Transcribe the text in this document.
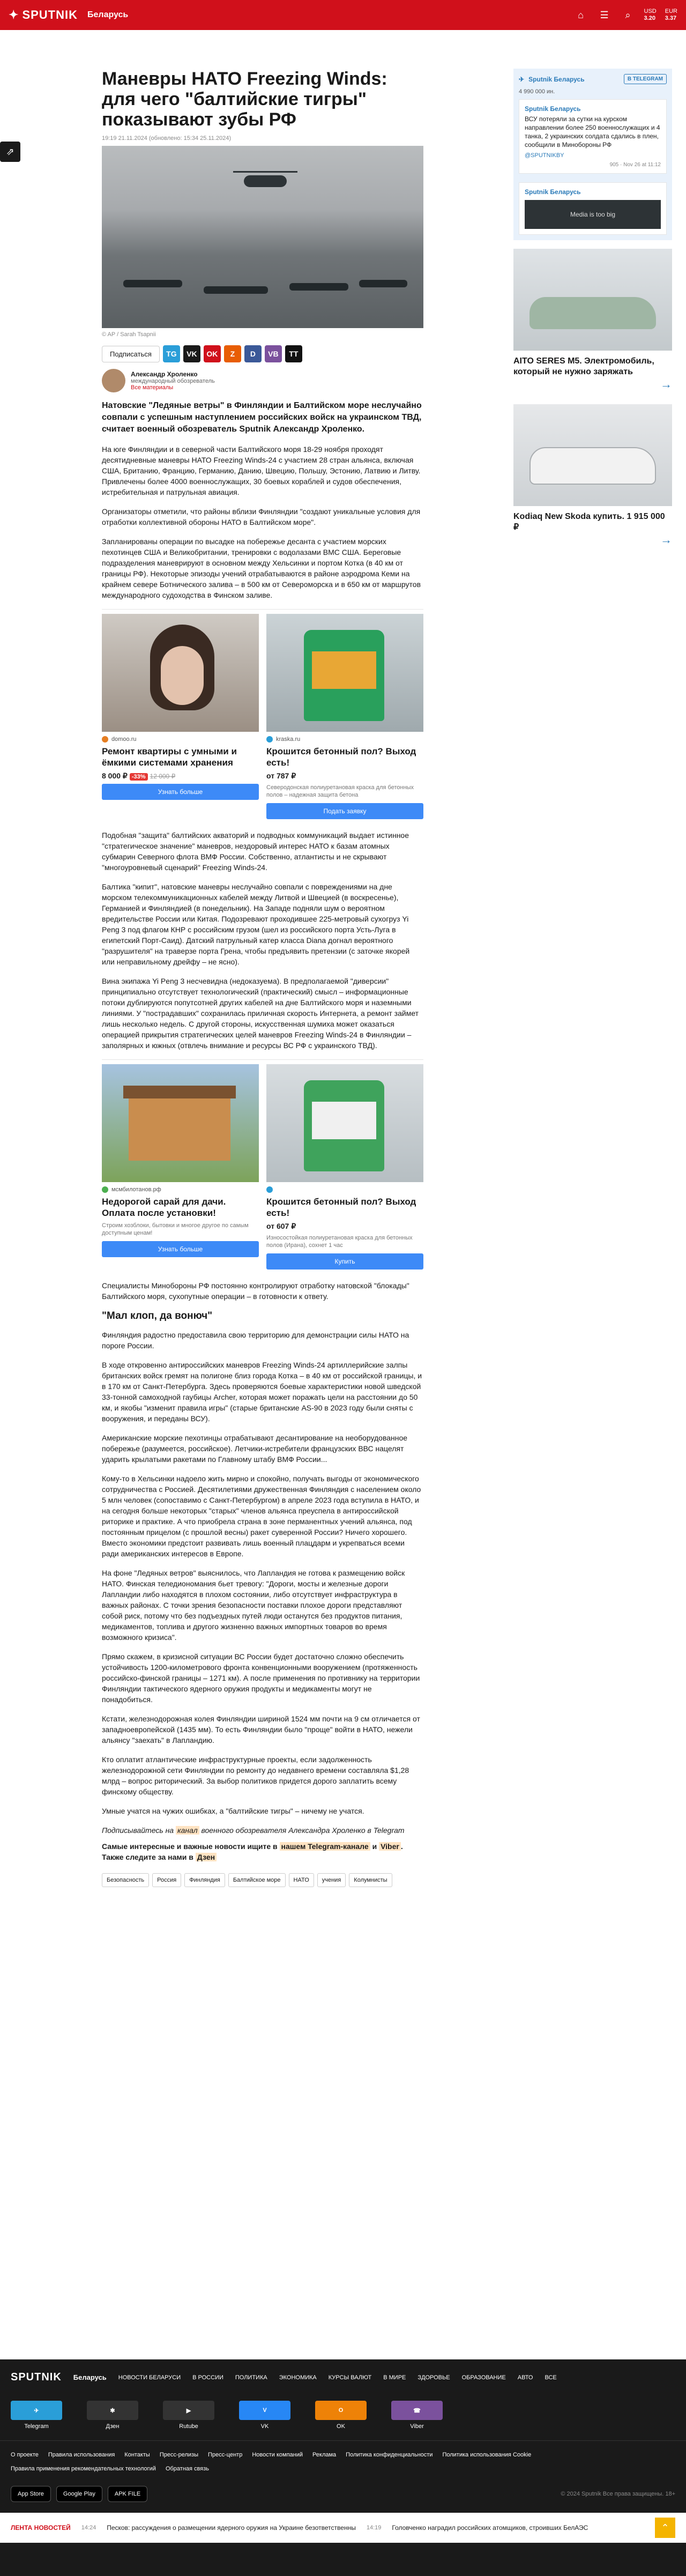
✦ SPUTNIK Беларусь	⌂	☰	⌕	USD
3.20
EUR
3.37
⇗
Маневры НАТО Freezing Winds: для чего "балтийские тигры" показывают зубы РФ
19:19 21.11.2024 (обновлено: 15:34 25.11.2024)
© AP / Sarah Tsapnii
Подписаться	TG	VK	OK	Z	D	VB	TT
Александр Хроленко
международный обозреватель
Все материалы
Натовские "Ледяные ветры" в Финляндии и Балтийском море неслучайно совпали с успешным наступлением российских войск на украинском ТВД, считает военный обозреватель Sputnik Александр Хроленко.

На юге Финляндии и в северной части Балтийского моря 18-29 ноября проходят десятидневные маневры НАТО Freezing Winds-24 с участием 28 стран альянса, включая США, Британию, Францию, Германию, Данию, Швецию, Польшу, Эстонию, Латвию и Литву. Привлечены более 4000 военнослужащих, 30 боевых кораблей и судов обеспечения, истребительная и патрульная авиация.

Организаторы отметили, что районы вблизи Финляндии "создают уникальные условия для отработки коллективной обороны НАТО в Балтийском море".

Запланированы операции по высадке на побережье десанта с участием морских пехотинцев США и Великобритании, тренировки с водолазами ВМС США. Береговые подразделения маневрируют в основном между Хельсинки и портом Котка (в 40 км от границы РФ). Некоторые эпизоды учений отрабатываются в районе аэродрома Кеми на крайнем севере Ботнического залива – в 500 км от Североморска и в 650 км от маршрутов международного судоходства в Финском заливе.

domoo.ru
Ремонт квартиры с умными и ёмкими системами хранения
8 000 ₽ -33% 12 000 ₽
Узнать больше
kraska.ru
Крошится бетонный пол? Выход есть!
от 787 ₽
Северодонская полиуретановая краска для бетонных полов – надежная защита бетона
Подать заявку

Подобная "защита" балтийских акваторий и подводных коммуникаций выдает истинное "стратегическое значение" маневров, нездоровый интерес НАТО к базам атомных субмарин Северного флота ВМФ России. Собственно, атлантисты и не скрывают "многоуровневый сценарий" Freezing Winds-24.

Балтика "кипит", натовские маневры неслучайно совпали с повреждениями на дне морском телекоммуникационных кабелей между Литвой и Швецией (в воскресенье), Германией и Финляндией (в понедельник). На Западе подняли шум о вероятном вредительстве России или Китая. Подозревают проходившее 225-метровый сухогруз Yi Peng 3 под флагом КНР с российским грузом (шел из российского порта Усть-Луга в египетский Порт-Саид). Датский патрульный катер класса Diana догнал вероятного "разрушителя" на траверзе порта Грена, чтобы предъявить претензии (с заточке якорей или неправильному дрейфу – не ясно).

Вина экипажа Yi Peng 3 несчевидна (недоказуема). В предполагаемой "диверсии" принципиально отсутствует технологический (практический) смысл – информационные потоки дублируются попутсотней других кабелей на дне Балтийского моря и наземными линиями. У "пострадавших" сохранилась приличная скорость Интернета, а ремонт займет лишь несколько недель. С другой стороны, искусственная шумиха может оказаться операцией прикрытия стратегических целей маневров Freezing Winds-24 в Финляндии – заполярных и южных (отвлечь внимание и ресурсы ВС РФ с украинского ТВД).

мсмбилотанов.рф
Недорогой сарай для дачи. Оплата после установки!
Строим хозблоки, бытовки и многое другое по самым доступным ценам!
Узнать больше
Крошится бетонный пол? Выход есть!
от 607 ₽
Износостойкая полиуретановая краска для бетонных полов (Ирана), сохнет 1 час
Купить

Специалисты Минобороны РФ постоянно контролируют отработку натовской "блокады" Балтийского моря, сухопутные операции – в готовности к ответу.

"Мал клоп, да вонюч"

Финляндия радостно предоставила свою территорию для демонстрации силы НАТО на пороге России.

В ходе откровенно антироссийских маневров Freezing Winds-24 артиллерийские залпы британских войск гремят на полигоне близ города Котка – в 40 км от российской границы, и в 170 км от Санкт-Петербурга. Здесь проверяются боевые характеристики новой шведской 33-тонной самоходной гаубицы Archer, которая может поражать цели на расстоянии до 50 км, и якобы "изменит правила игры" (старые британские AS-90 в 2023 году были сняты с вооружения, и переданы ВСУ).

Американские морские пехотинцы отрабатывают десантирование на необорудованное побережье (разумеется, российское). Летчики-истребители французских ВВС нацелят ударить крылатыми ракетами по Главному штабу ВМФ России...

Кому-то в Хельсинки надоело жить мирно и спокойно, получать выгоды от экономического сотрудничества с Россией. Десятилетиями дружественная Финляндия с населением около 5 млн человек (сопоставимо с Санкт-Петербургом) в апреле 2023 года вступила в НАТО, и на сегодня больше некоторых "старых" членов альянса преуспела в антироссийской риторике и практике. А что приобрела страна в зоне перманентных учений альянса, под постоянным прицелом (с прошлой весны) ракет суверенной России? Ничего хорошего. Вместо экономики предстоит развивать лишь военный плацдарм и укрепваться всеми ради американских интересов в Европе.

На фоне "Ледяных ветров" выяснилось, что Лапландия не готова к размещению войск НАТО. Финская теледиономания бьет тревогу: "Дороги, мосты и железные дороги Лапландии либо находятся в плохом состоянии, либо отсутствует инфраструктура в важных районах. С точки зрения безопасности поставки плохое дороги представляют собой риск, потому что без подъездных путей люди останутся без продуктов питания, медикаментов, топлива и другого жизненно важных импортных товаров во время возможного кризиса".

Прямо скажем, в кризисной ситуации ВС России будет достаточно сложно обеспечить устойчивость 1200-километрового фронта конвенционными вооружением (протяженность российско-финской границы – 1271 км). А после применения по противнику на территории Финляндии тактического ядерного оружия продукты и медикаменты могут не понадобиться.

Кстати, железнодорожная колея Финляндии шириной 1524 мм почти на 9 см отличается от западноевропейской (1435 мм). То есть Финляндии было "проще" войти в НАТО, нежели альянсу "заехать" в Лапландию.

Кто оплатит атлантические инфраструктурные проекты, если задолженность железнодорожной сети Финляндии по ремонту до недавнего времени составляла $1,28 млрд – вопрос риторический. За выбор политиков придется дорого заплатить всему финскому обществу.

Умные учатся на чужих ошибках, а "балтийские тигры" – ничему не учатся.

Подписывайтесь на канал военного обозревателя Александра Хроленко в Telegram
Самые интересные и важные новости ищите в нашем Telegram-канале и Viber . Также следите за нами в Дзен
Безопасность	Россия	Финляндия	Балтийское море	НАТО	учения	Колумнисты
✈ Sputnik Беларусь	В TELEGRAM
4 990 000 ин.
Sputnik Беларусь
ВСУ потеряли за сутки на курском направлении более 250 военнослужащих и 4 танка, 2 украинских солдата сдались в плен, сообщили в Минобороны РФ
@SPUTNIKBY
905 · Nov 26 at 11:12
Sputnik Беларусь
Media is too big
AITO SERES M5. Электромобиль, который не нужно заряжать
→
Kodiaq New Skoda купить. 1 915 000 ₽
→
SPUTNIK Беларусь НОВОСТИ БЕЛАРУСИ В РОССИИ ПОЛИТИКА ЭКОНОМИКА КУРСЫ ВАЛЮТ В МИРЕ ЗДОРОВЬЕ ОБРАЗОВАНИЕ АВТО ВСЕ
✈
Telegram
✱
Дзен
▶
Rutube
V
VK
O
OK
☎
Viber
О проекте Правила использования Контакты Пресс-релизы Пресс-центр Новости компаний Реклама Политика конфиденциальности Политика использования Cookie
Правила применения рекомендательных технологий Обратная связь
App Store	Google Play	APK FILE	© 2024 Sputnik Все права защищены. 18+
ЛЕНТА НОВОСТЕЙ 14:24 Песков: рассуждения о размещении ядерного оружия на Украине безответственны 14:19 Головченко наградил российских атомщиков, строивших БелАЭС	⌃
